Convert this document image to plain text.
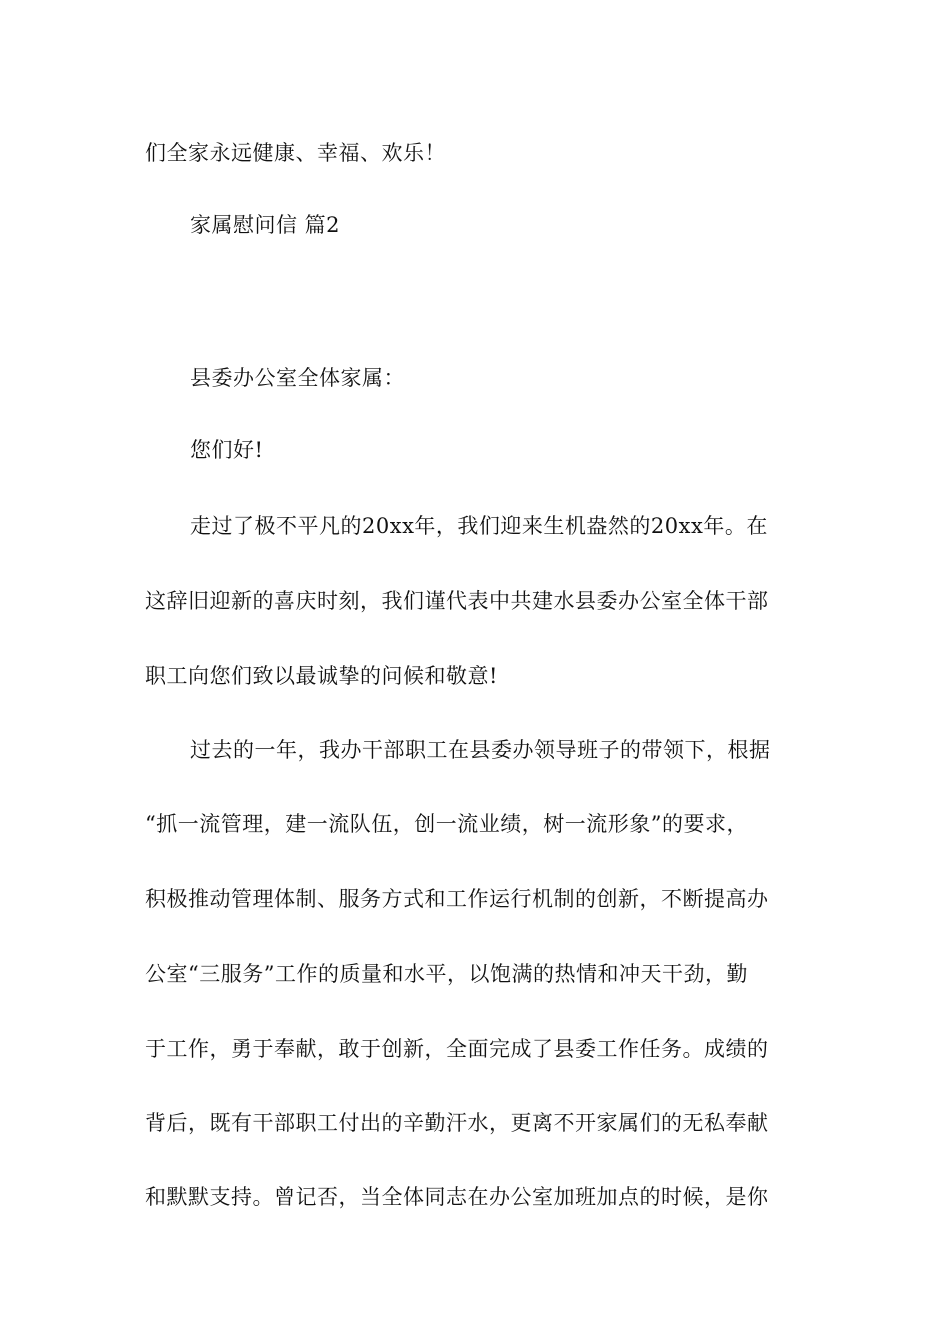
们全家永远健康、幸福、欢乐！
家属慰问信 篇2
县委办公室全体家属：
您们好!
走过了极不平凡的20xx年，我们迎来生机盎然的20xx年。在
这辞旧迎新的喜庆时刻，我们谨代表中共建水县委办公室全体干部
职工向您们致以最诚挚的问候和敬意!
过去的一年，我办干部职工在县委办领导班子的带领下，根据
“抓一流管理，建一流队伍，创一流业绩，树一流形象”的要求，
积极推动管理体制、服务方式和工作运行机制的创新，不断提高办
公室“三服务”工作的质量和水平，以饱满的热情和冲天干劲，勤
于工作，勇于奉献，敢于创新，全面完成了县委工作任务。成绩的
背后，既有干部职工付出的辛勤汗水，更离不开家属们的无私奉献
和默默支持。曾记否，当全体同志在办公室加班加点的时候，是你
